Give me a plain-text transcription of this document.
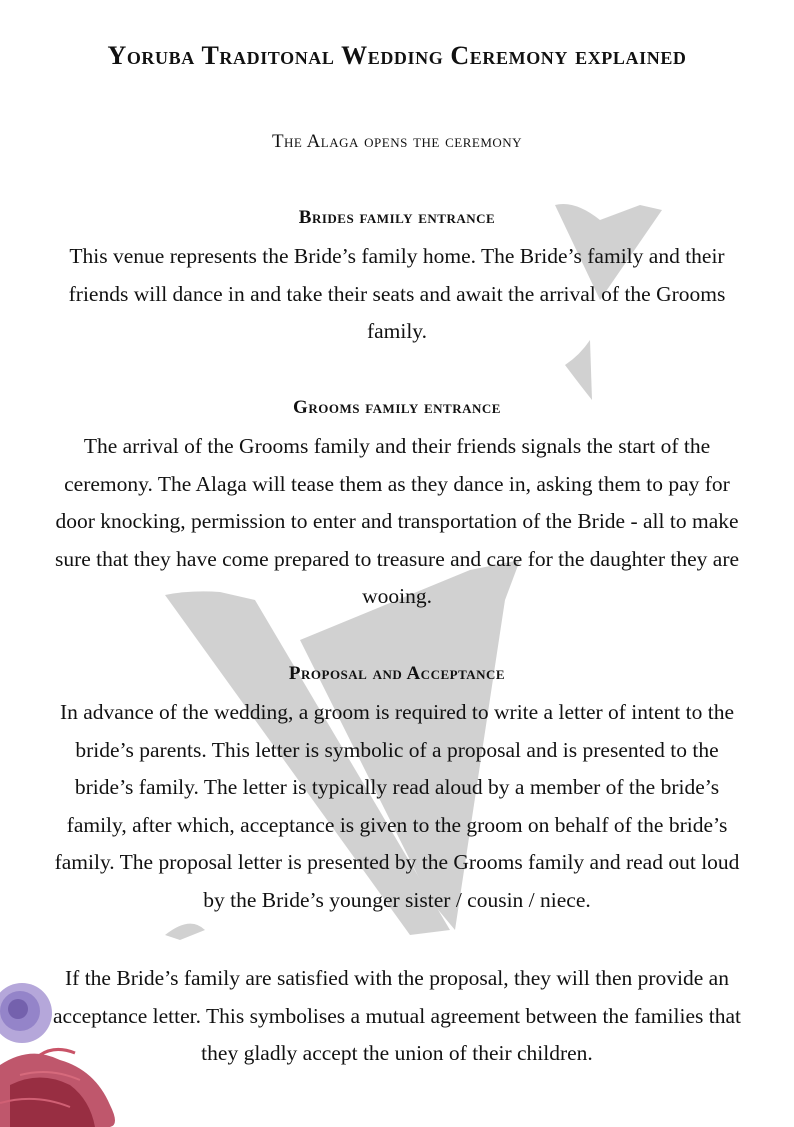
Yoruba Traditonal Wedding Ceremony explained
The Alaga opens the ceremony
Brides family entrance

This venue represents the Bride’s family home. The Bride’s family and their friends will dance in and take their seats and await the arrival of the Grooms family.

Grooms family entrance

The arrival of the Grooms family and their friends signals the start of the ceremony. The Alaga will tease them as they dance in, asking them to pay for door knocking, permission to enter and transportation of the Bride - all to make sure that they have come prepared to treasure and care for the daughter they are wooing.

Proposal and Acceptance

In advance of the wedding, a groom is required to write a letter of intent to the bride’s parents. This letter is symbolic of a proposal and is presented to the bride’s family. The letter is typically read aloud by a member of the bride’s family, after which, acceptance is given to the groom on behalf of the bride’s family. The proposal letter is presented by the Grooms family and read out loud by the Bride’s younger sister / cousin / niece.

If the Bride’s family are satisfied with the proposal, they will then provide an acceptance letter. This symbolises a mutual agreement between the families that they gladly accept the union of their children.
